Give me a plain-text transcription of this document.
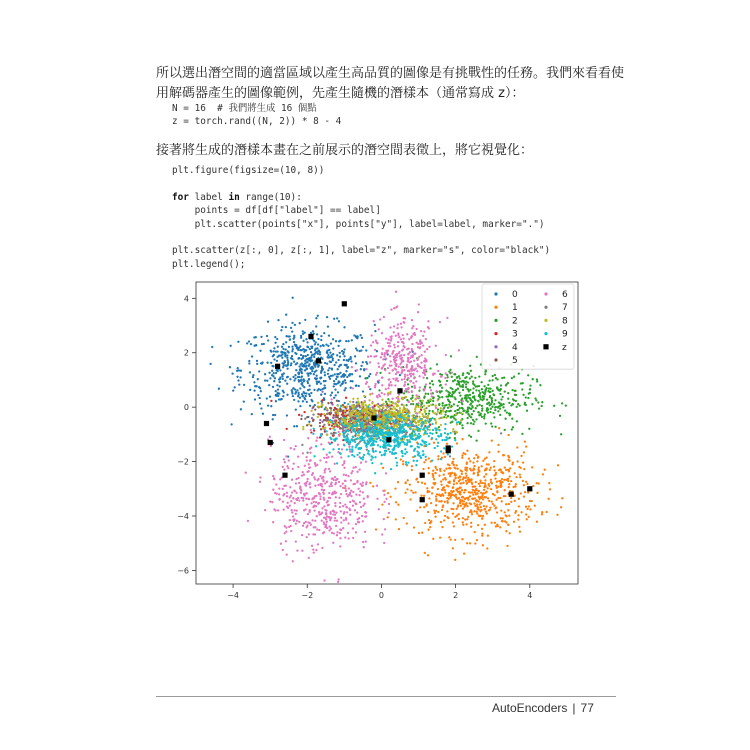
所以選出潛空間的適當區域以產生高品質的圖像是有挑戰性的任務。我們來看看使用解碼器產生的圖像範例，先產生隨機的潛樣本（通常寫成 z）：
N = 16  # 我們將生成 16 個點
z = torch.rand((N, 2)) * 8 - 4
接著將生成的潛樣本畫在之前展示的潛空間表徵上，將它視覺化：
plt.figure(figsize=(10, 8))

for label in range(10):
points = df[df["label"] == label]
plt.scatter(points["x"], points["y"], label=label, marker=".")

plt.scatter(z[:, 0], z[:, 1], label="z", marker="s", color="black")
plt.legend();
−4	−2	0	2	4
−6
−4
−2
0
2
4	0
1
2
3
4
5
6
7
8
9
z
AutoEncoders | 77
